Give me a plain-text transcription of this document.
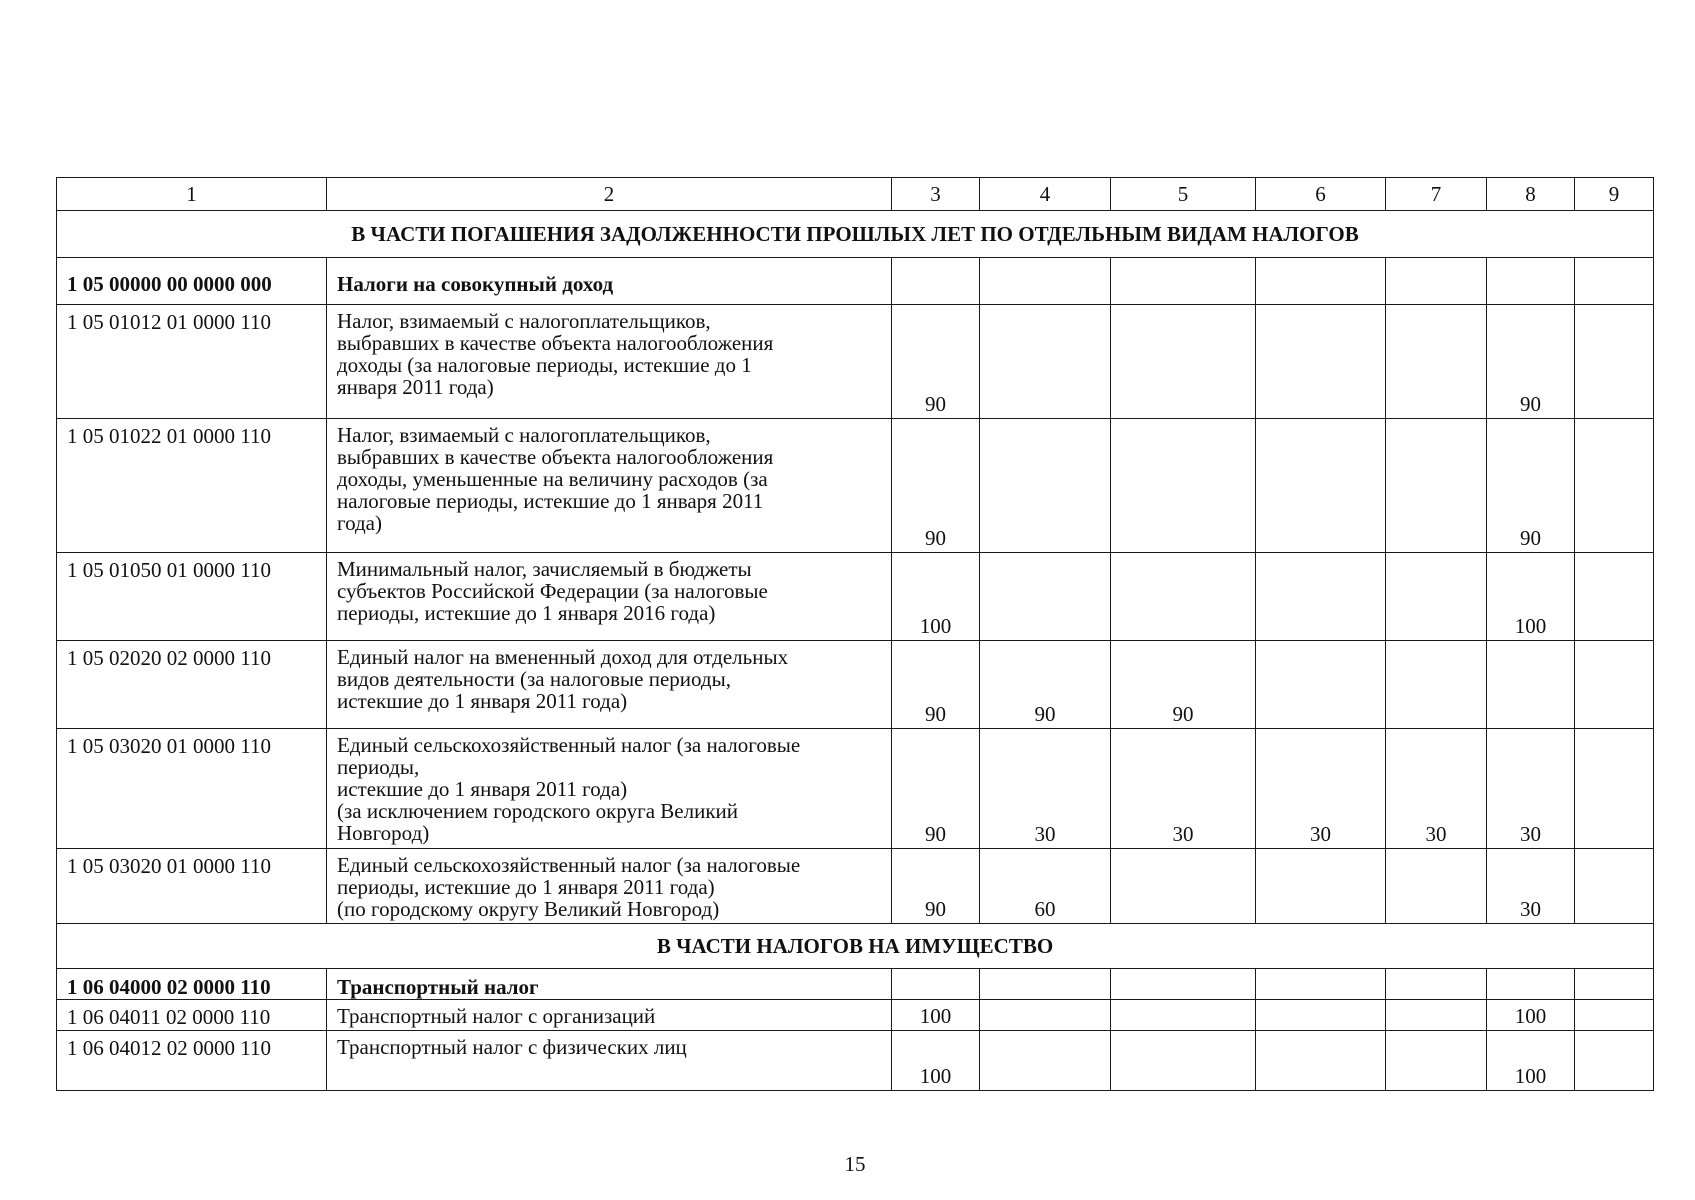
1	2	3	4	5	6	7	8	9
В ЧАСТИ ПОГАШЕНИЯ ЗАДОЛЖЕННОСТИ ПРОШЛЫХ ЛЕТ ПО ОТДЕЛЬНЫМ ВИДАМ НАЛОГОВ								
1 05 00000 00 0000 000	Налоги на совокупный доход							

1 05 01012 01 0000 110	Налог, взимаемый с налогоплательщиков,
выбравших в качестве объекта налогообложения
доходы (за налоговые периоды, истекшие до 1
января 2011 года)	90					90	
1 05 01022 01 0000 110	Налог, взимаемый с налогоплательщиков,
выбравших в качестве объекта налогообложения
доходы, уменьшенные на величину расходов (за
налоговые периоды, истекшие до 1 января 2011
года)	90					90	
1 05 01050 01 0000 110	Минимальный налог, зачисляемый в бюджеты
субъектов Российской Федерации (за налоговые
периоды, истекшие до 1 января 2016 года)	100					100	
1 05 02020 02 0000 110	Единый налог на вмененный доход для отдельных
видов деятельности (за налоговые периоды,
истекшие до 1 января 2011 года)	90	90	90				
1 05 03020 01 0000 110	Единый сельскохозяйственный налог (за налоговые
периоды,
истекшие до 1 января 2011 года)
(за исключением городского округа Великий
Новгород)	90	30	30	30	30	30	
1 05 03020 01 0000 110	Единый сельскохозяйственный налог (за налоговые
периоды, истекшие до 1 января 2011 года)
(по городскому округу Великий Новгород)	90	60				30	
В ЧАСТИ НАЛОГОВ НА ИМУЩЕСТВО								
1 06 04000 02 0000 110	Транспортный налог							

1 06 04011 02 0000 110	Транспортный налог с организаций	100					100	
1 06 04012 02 0000 110	Транспортный налог с физических лиц	100					100	
15
